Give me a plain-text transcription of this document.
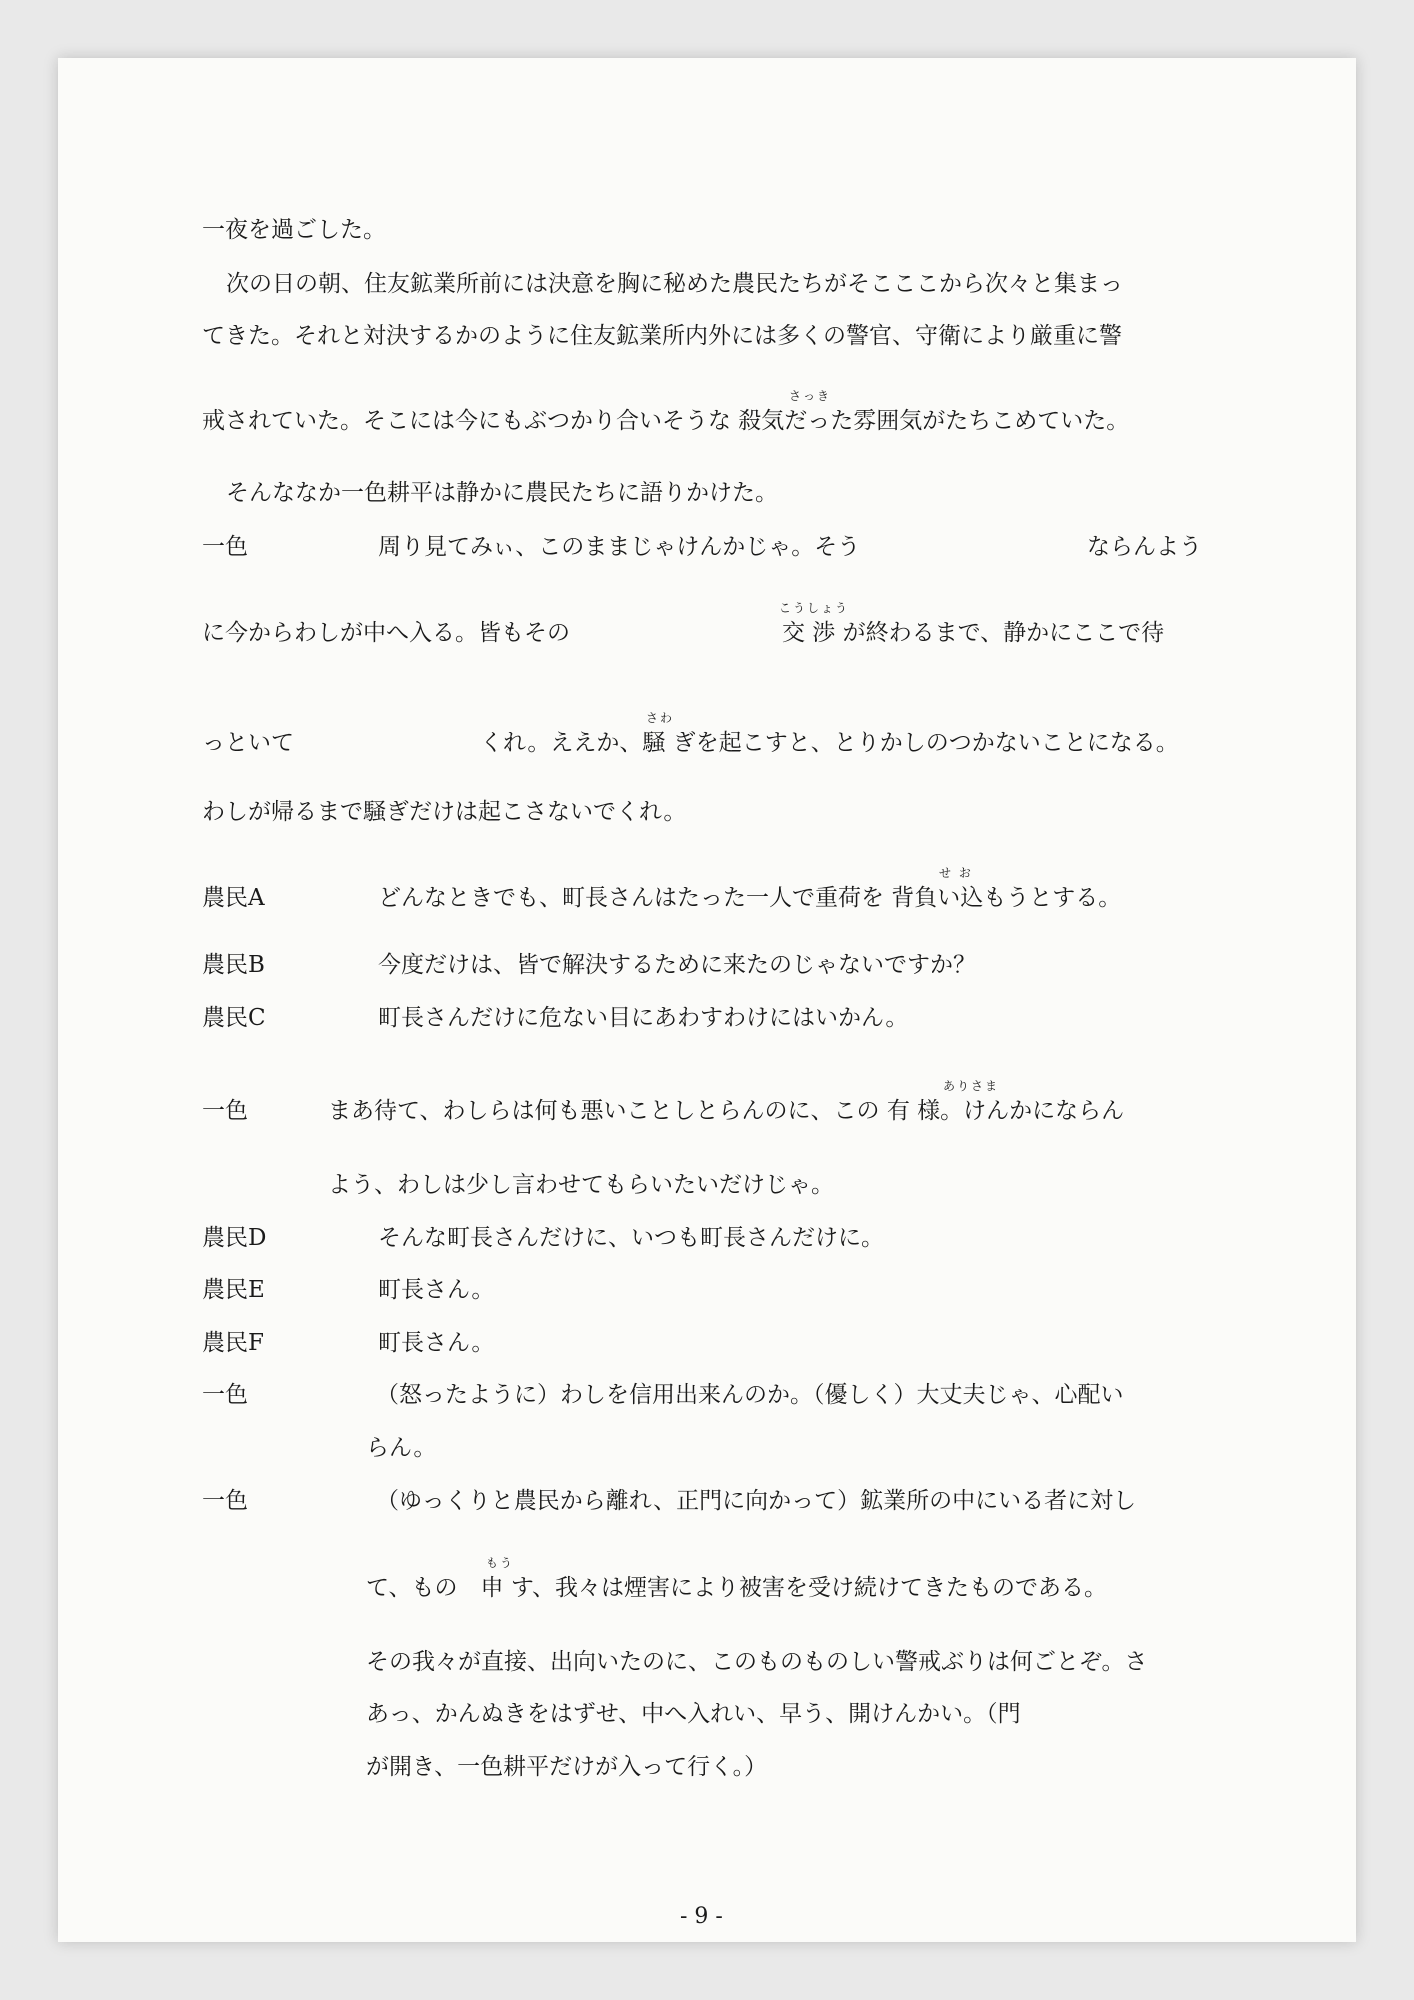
一夜を過ごした。
次の日の朝、住友鉱業所前には決意を胸に秘めた農民たちがそこここから次々と集まっ
てきた。それと対決するかのように住友鉱業所内外には多くの警官、守衛により厳重に警
さっき
戒されていた。そこには今にもぶつかり合いそうな 殺気だった雰囲気がたちこめていた。
そんななか一色耕平は静かに農民たちに語りかけた。
一色	周り見てみぃ、このままじゃけんかじゃ。そう	ならんよう
こうしょう
に今からわしが中へ入る。皆もその	交 渉 が終わるまで、静かにここで待
さわ
っといて	くれ。ええか、騒 ぎを起こすと、とりかしのつかないことになる。
わしが帰るまで騒ぎだけは起こさないでくれ。
せ お
農民A	どんなときでも、町長さんはたった一人で重荷を 背負い込もうとする。
農民B	今度だけは、皆で解決するために来たのじゃないですか？
農民C	町長さんだけに危ない目にあわすわけにはいかん。
ありさま
一色	まあ待て、わしらは何も悪いことしとらんのに、この 有 様。けんかにならん
よう、わしは少し言わせてもらいたいだけじゃ。
農民D	そんな町長さんだけに、いつも町長さんだけに。
農民E	町長さん。
農民F	町長さん。
一色	（怒ったように）わしを信用出来んのか。（優しく）大丈夫じゃ、心配い
らん。
一色	（ゆっくりと農民から離れ、正門に向かって）鉱業所の中にいる者に対し
もう
て、もの　申 す、我々は煙害により被害を受け続けてきたものである。
その我々が直接、出向いたのに、このものものしい警戒ぶりは何ごとぞ。さ
あっ、かんぬきをはずせ、中へ入れい、早う、開けんかい。（門
が開き、一色耕平だけが入って行く。）
- 9 -
